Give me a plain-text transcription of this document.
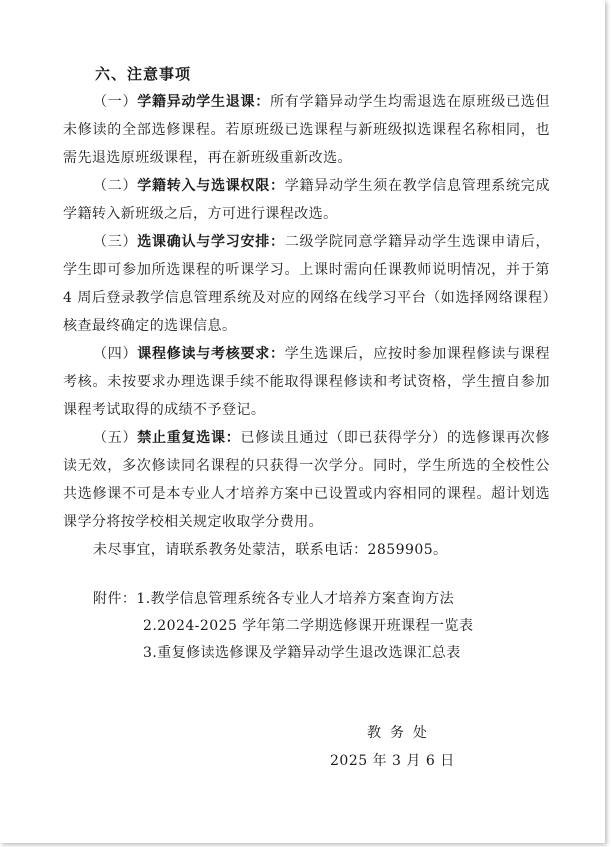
六、注意事项

（一）学籍异动学生退课：所有学籍异动学生均需退选在原班级已选但未修读的全部选修课程。若原班级已选课程与新班级拟选课程名称相同，也需先退选原班级课程，再在新班级重新改选。

（二）学籍转入与选课权限：学籍异动学生须在教学信息管理系统完成学籍转入新班级之后，方可进行课程改选。

（三）选课确认与学习安排：二级学院同意学籍异动学生选课申请后，学生即可参加所选课程的听课学习。上课时需向任课教师说明情况，并于第 4 周后登录教学信息管理系统及对应的网络在线学习平台（如选择网络课程）核查最终确定的选课信息。

（四）课程修读与考核要求：学生选课后，应按时参加课程修读与课程考核。未按要求办理选课手续不能取得课程修读和考试资格，学生擅自参加课程考试取得的成绩不予登记。

（五）禁止重复选课：已修读且通过（即已获得学分）的选修课再次修读无效，多次修读同名课程的只获得一次学分。同时，学生所选的全校性公共选修课不可是本专业人才培养方案中已设置或内容相同的课程。超计划选课学分将按学校相关规定收取学分费用。

未尽事宜，请联系教务处蒙洁，联系电话：2859905。

附件：1.教学信息管理系统各专业人才培养方案查询方法
2.2024-2025 学年第二学期选修课开班课程一览表
3.重复修读选修课及学籍异动学生退改选课汇总表
教务处
2025 年 3 月 6 日
